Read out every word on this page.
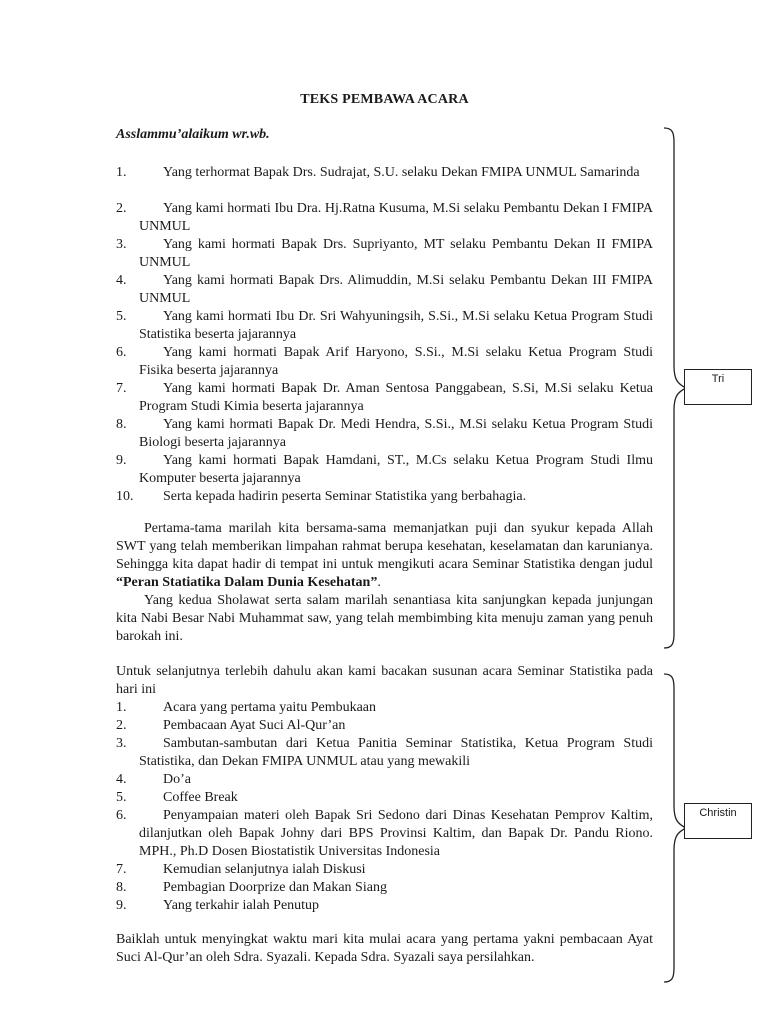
TEKS PEMBAWA ACARA
Asslammu’alaikum wr.wb.
1.	Yang terhormat Bapak Drs. Sudrajat, S.U. selaku Dekan FMIPA UNMUL Samarinda
2.	Yang kami hormati Ibu Dra. Hj.Ratna Kusuma, M.Si selaku Pembantu Dekan I FMIPA UNMUL
3.	Yang kami hormati Bapak Drs. Supriyanto, MT selaku Pembantu Dekan II FMIPA UNMUL
4.	Yang kami hormati Bapak Drs. Alimuddin, M.Si selaku Pembantu Dekan III FMIPA UNMUL
5.	Yang kami hormati Ibu Dr. Sri Wahyuningsih, S.Si., M.Si selaku Ketua Program Studi Statistika beserta jajarannya
6.	Yang kami hormati Bapak Arif Haryono, S.Si., M.Si selaku Ketua Program Studi Fisika beserta jajarannya
7.	Yang kami hormati Bapak Dr. Aman Sentosa Panggabean, S.Si, M.Si selaku Ketua Program Studi Kimia beserta jajarannya
8.	Yang kami hormati Bapak Dr. Medi Hendra, S.Si., M.Si selaku Ketua Program Studi Biologi beserta jajarannya
9.	Yang kami hormati Bapak Hamdani, ST., M.Cs selaku Ketua Program Studi Ilmu Komputer beserta jajarannya
10.	Serta kepada hadirin peserta Seminar Statistika yang berbahagia.

Pertama-tama marilah kita bersama-sama memanjatkan puji dan syukur kepada Allah SWT yang telah memberikan limpahan rahmat berupa kesehatan, keselamatan dan karunianya. Sehingga kita dapat hadir di tempat ini untuk mengikuti acara Seminar Statistika dengan judul “Peran Statiatika Dalam Dunia Kesehatan”.

Yang kedua Sholawat serta salam marilah senantiasa kita sanjungkan kepada junjungan kita Nabi Besar Nabi Muhammat saw, yang telah membimbing kita menuju zaman yang penuh barokah ini.

Untuk selanjutnya terlebih dahulu akan kami bacakan susunan acara Seminar Statistika pada hari ini

1.	Acara yang pertama yaitu Pembukaan
2.	Pembacaan Ayat Suci Al-Qur’an
3.	Sambutan-sambutan dari Ketua Panitia Seminar Statistika, Ketua Program Studi Statistika, dan Dekan FMIPA UNMUL atau yang mewakili
4.	Do’a
5.	Coffee Break
6.	Penyampaian materi oleh Bapak Sri Sedono dari Dinas Kesehatan Pemprov Kaltim, dilanjutkan oleh Bapak Johny dari BPS Provinsi Kaltim, dan Bapak Dr. Pandu Riono. MPH., Ph.D Dosen Biostatistik Universitas Indonesia
7.	Kemudian selanjutnya ialah Diskusi
8.	Pembagian Doorprize dan Makan Siang
9.	Yang terkahir ialah Penutup

Baiklah untuk menyingkat waktu mari kita mulai acara yang pertama yakni pembacaan Ayat Suci Al-Qur’an oleh Sdra. Syazali. Kepada Sdra. Syazali saya persilahkan.

Tri
Christin
